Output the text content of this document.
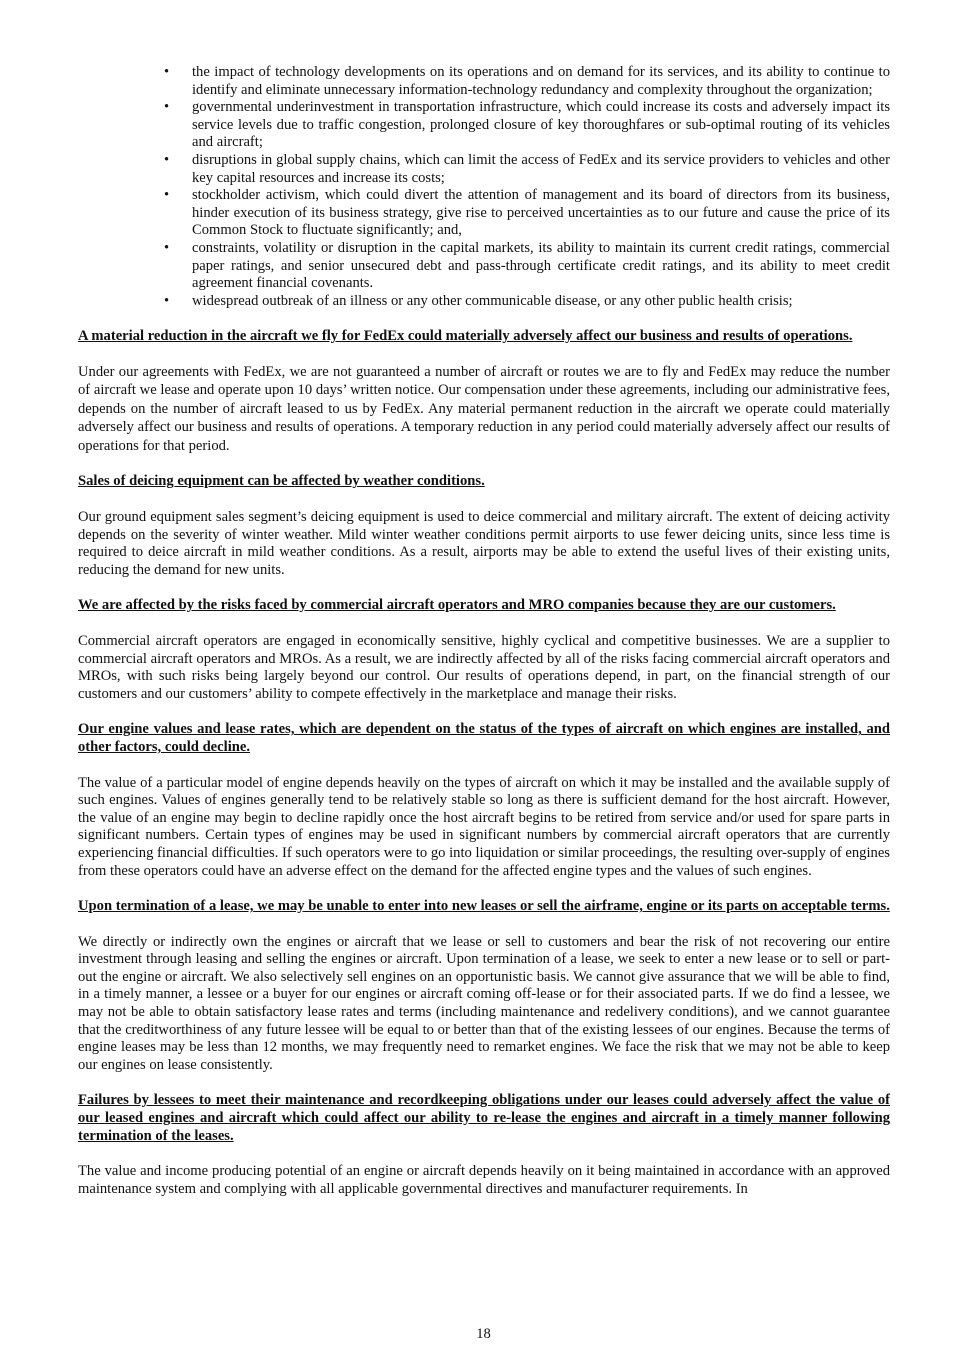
• the impact of technology developments on its operations and on demand for its services, and its ability to continue to identify and eliminate unnecessary information-technology redundancy and complexity throughout the organization;
• governmental underinvestment in transportation infrastructure, which could increase its costs and adversely impact its service levels due to traffic congestion, prolonged closure of key thoroughfares or sub-optimal routing of its vehicles and aircraft;
• disruptions in global supply chains, which can limit the access of FedEx and its service providers to vehicles and other key capital resources and increase its costs;
• stockholder activism, which could divert the attention of management and its board of directors from its business, hinder execution of its business strategy, give rise to perceived uncertainties as to our future and cause the price of its Common Stock to fluctuate significantly; and,
• constraints, volatility or disruption in the capital markets, its ability to maintain its current credit ratings, commercial paper ratings, and senior unsecured debt and pass-through certificate credit ratings, and its ability to meet credit agreement financial covenants.
• widespread outbreak of an illness or any other communicable disease, or any other public health crisis;

A material reduction in the aircraft we fly for FedEx could materially adversely affect our business and results of operations.

Under our agreements with FedEx, we are not guaranteed a number of aircraft or routes we are to fly and FedEx may reduce the number of aircraft we lease and operate upon 10 days’ written notice. Our compensation under these agreements, including our administrative fees, depends on the number of aircraft leased to us by FedEx. Any material permanent reduction in the aircraft we operate could materially adversely affect our business and results of operations. A temporary reduction in any period could materially adversely affect our results of operations for that period.

Sales of deicing equipment can be affected by weather conditions.

Our ground equipment sales segment’s deicing equipment is used to deice commercial and military aircraft. The extent of deicing activity depends on the severity of winter weather. Mild winter weather conditions permit airports to use fewer deicing units, since less time is required to deice aircraft in mild weather conditions. As a result, airports may be able to extend the useful lives of their existing units, reducing the demand for new units.

We are affected by the risks faced by commercial aircraft operators and MRO companies because they are our customers.

Commercial aircraft operators are engaged in economically sensitive, highly cyclical and competitive businesses. We are a supplier to commercial aircraft operators and MROs. As a result, we are indirectly affected by all of the risks facing commercial aircraft operators and MROs, with such risks being largely beyond our control. Our results of operations depend, in part, on the financial strength of our customers and our customers’ ability to compete effectively in the marketplace and manage their risks.

Our engine values and lease rates, which are dependent on the status of the types of aircraft on which engines are installed, and other factors, could decline.

The value of a particular model of engine depends heavily on the types of aircraft on which it may be installed and the available supply of such engines. Values of engines generally tend to be relatively stable so long as there is sufficient demand for the host aircraft. However, the value of an engine may begin to decline rapidly once the host aircraft begins to be retired from service and/or used for spare parts in significant numbers. Certain types of engines may be used in significant numbers by commercial aircraft operators that are currently experiencing financial difficulties. If such operators were to go into liquidation or similar proceedings, the resulting over-supply of engines from these operators could have an adverse effect on the demand for the affected engine types and the values of such engines.

Upon termination of a lease, we may be unable to enter into new leases or sell the airframe, engine or its parts on acceptable terms.

We directly or indirectly own the engines or aircraft that we lease or sell to customers and bear the risk of not recovering our entire investment through leasing and selling the engines or aircraft. Upon termination of a lease, we seek to enter a new lease or to sell or part-out the engine or aircraft. We also selectively sell engines on an opportunistic basis. We cannot give assurance that we will be able to find, in a timely manner, a lessee or a buyer for our engines or aircraft coming off-lease or for their associated parts. If we do find a lessee, we may not be able to obtain satisfactory lease rates and terms (including maintenance and redelivery conditions), and we cannot guarantee that the creditworthiness of any future lessee will be equal to or better than that of the existing lessees of our engines. Because the terms of engine leases may be less than 12 months, we may frequently need to remarket engines. We face the risk that we may not be able to keep our engines on lease consistently.

Failures by lessees to meet their maintenance and recordkeeping obligations under our leases could adversely affect the value of our leased engines and aircraft which could affect our ability to re-lease the engines and aircraft in a timely manner following termination of the leases.

The value and income producing potential of an engine or aircraft depends heavily on it being maintained in accordance with an approved maintenance system and complying with all applicable governmental directives and manufacturer requirements. In

18
